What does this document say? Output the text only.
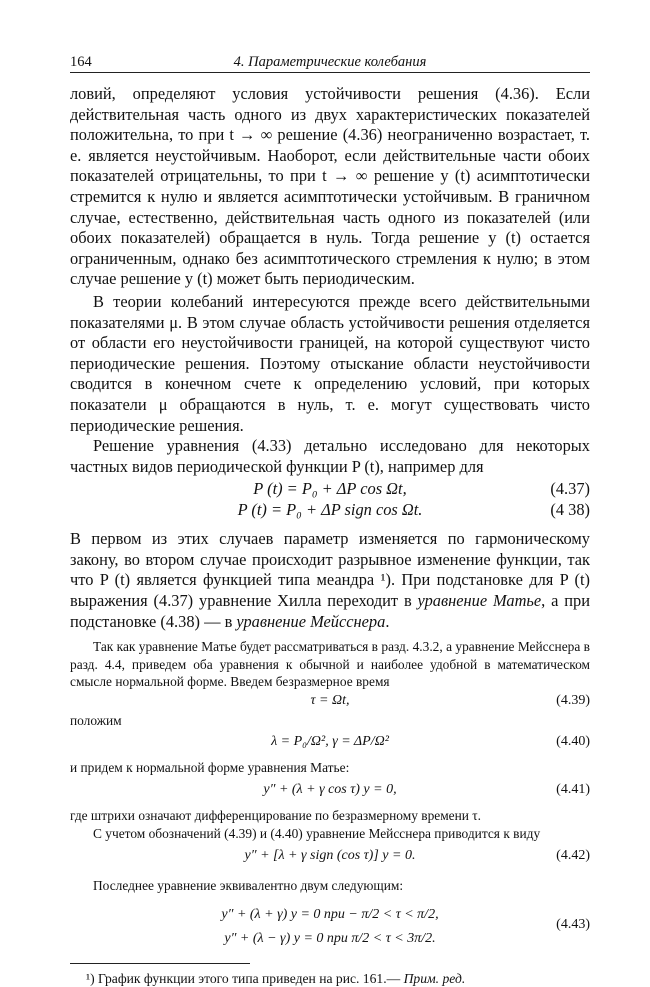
164	4. Параметрические колебания

ловий, определяют условия устойчивости решения (4.36). Если действительная часть одного из двух характеристических показателей положительна, то при t → ∞ решение (4.36) неограниченно возрастает, т. е. является неустойчивым. Наоборот, если действительные части обоих показателей отрицательны, то при t → ∞ решение y (t) асимптотически стремится к нулю и является асимптотически устойчивым. В граничном случае, естественно, действительная часть одного из показателей (или обоих показателей) обращается в нуль. Тогда решение y (t) остается ограниченным, однако без асимптотического стремления к нулю; в этом случае решение y (t) может быть периодическим.

В теории колебаний интересуются прежде всего действительными показателями μ. В этом случае область устойчивости решения отделяется от области его неустойчивости границей, на которой существуют чисто периодические решения. Поэтому отыскание области неустойчивости сводится в конечном счете к определению условий, при которых показатели μ обращаются в нуль, т. е. могут существовать чисто периодические решения.

Решение уравнения (4.33) детально исследовано для некоторых частных видов периодической функции P (t), например для

P (t) = P₀ + ΔP cos Ωt,	(4.37)
P (t) = P₀ + ΔP sign cos Ωt.	(4 38)

В первом из этих случаев параметр изменяется по гармоническому закону, во втором случае происходит разрывное изменение функции, так что P (t) является функцией типа меандра ¹). При подстановке для P (t) выражения (4.37) уравнение Хилла переходит в уравнение Матье, а при подстановке (4.38) — в уравнение Мейсснера.

Так как уравнение Матье будет рассматриваться в разд. 4.3.2, а уравнение Мейсснера в разд. 4.4, приведем оба уравнения к обычной и наиболее удобной в математическом смысле нормальной форме. Введем безразмерное время

τ = Ωt,	(4.39)

положим

λ = P₀/Ω², γ = ΔP/Ω²	(4.40)

и придем к нормальной форме уравнения Матье:

y″ + (λ + γ cos τ) y = 0,	(4.41)

где штрихи означают дифференцирование по безразмерному времени τ.

С учетом обозначений (4.39) и (4.40) уравнение Мейсснера приводится к виду

y″ + [λ + γ sign (cos τ)] y = 0.	(4.42)

Последнее уравнение эквивалентно двум следующим:

y″ + (λ + γ) y = 0 при − π/2 < τ < π/2,
y″ + (λ − γ) y = 0 при π/2 < τ < 3π/2.
(4.43)
¹) График функции этого типа приведен на рис. 161.— Прим. ред.
